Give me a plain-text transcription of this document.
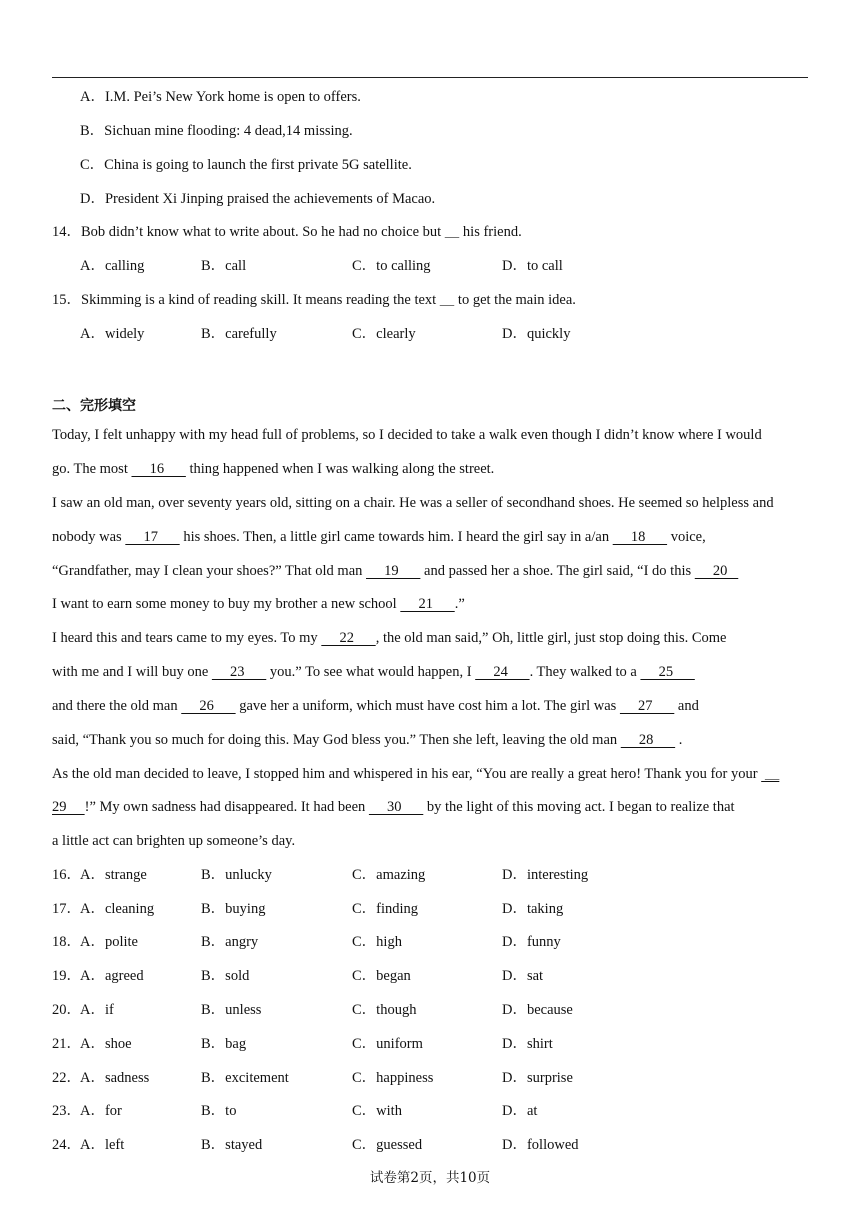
A．I.M. Pei’s New York home is open to offers.
B．Sichuan mine flooding: 4 dead,14 missing.
C．China is going to launch the first private 5G satellite.
D．President Xi Jinping praised the achievements of Macao.
14．Bob didn’t know what to write about. So he had no choice but ＿ his friend.
A．calling	B．call	C．to calling	D．to call
15．Skimming is a kind of reading skill. It means reading the text ＿ to get the main idea.
A．widely	B．carefully	C．clearly	D．quickly
二、完形填空
Today, I felt unhappy with my head full of problems, so I decided to take a walk even though I didn’t know where I would
go. The most      16       thing happened when I was walking along the street.
I saw an old man, over seventy years old, sitting on a chair. He was a seller of secondhand shoes. He seemed so helpless and
nobody was      17       his shoes. Then, a little girl came towards him. I heard the girl say in a/an      18       voice,
“Grandfather, may I clean your shoes?” That old man      19       and passed her a shoe. The girl said, “I do this      20
I want to earn some money to buy my brother a new school      21      .”
I heard this and tears came to my eyes. To my      22      , the old man said,” Oh, little girl, just stop doing this. Come
with me and I will buy one      23       you.” To see what would happen, I      24      . They walked to a      25
and there the old man      26       gave her a uniform, which must have cost him a lot. The girl was      27       and
said, “Thank you so much for doing this. May God bless you.” Then she left, leaving the old man      28       .
As the old man decided to leave, I stopped him and whispered in his ear, “You are really a great hero! Thank you for your  ＿
29     !” My own sadness had disappeared. It had been      30       by the light of this moving act. I began to realize that
a little act can brighten up someone’s day.
16． A．strange	B．unlucky	C．amazing	D．interesting
17． A．cleaning	B．buying	C．finding	D．taking
18． A．polite	B．angry	C．high	D．funny
19． A．agreed	B．sold	C．began	D．sat
20． A．if	B．unless	C．though	D．because
21． A．shoe	B．bag	C．uniform	D．shirt
22． A．sadness	B．excitement	C．happiness	D．surprise
23． A．for	B．to	C．with	D．at
24． A．left	B．stayed	C．guessed	D．followed
试卷第2页，共10页
